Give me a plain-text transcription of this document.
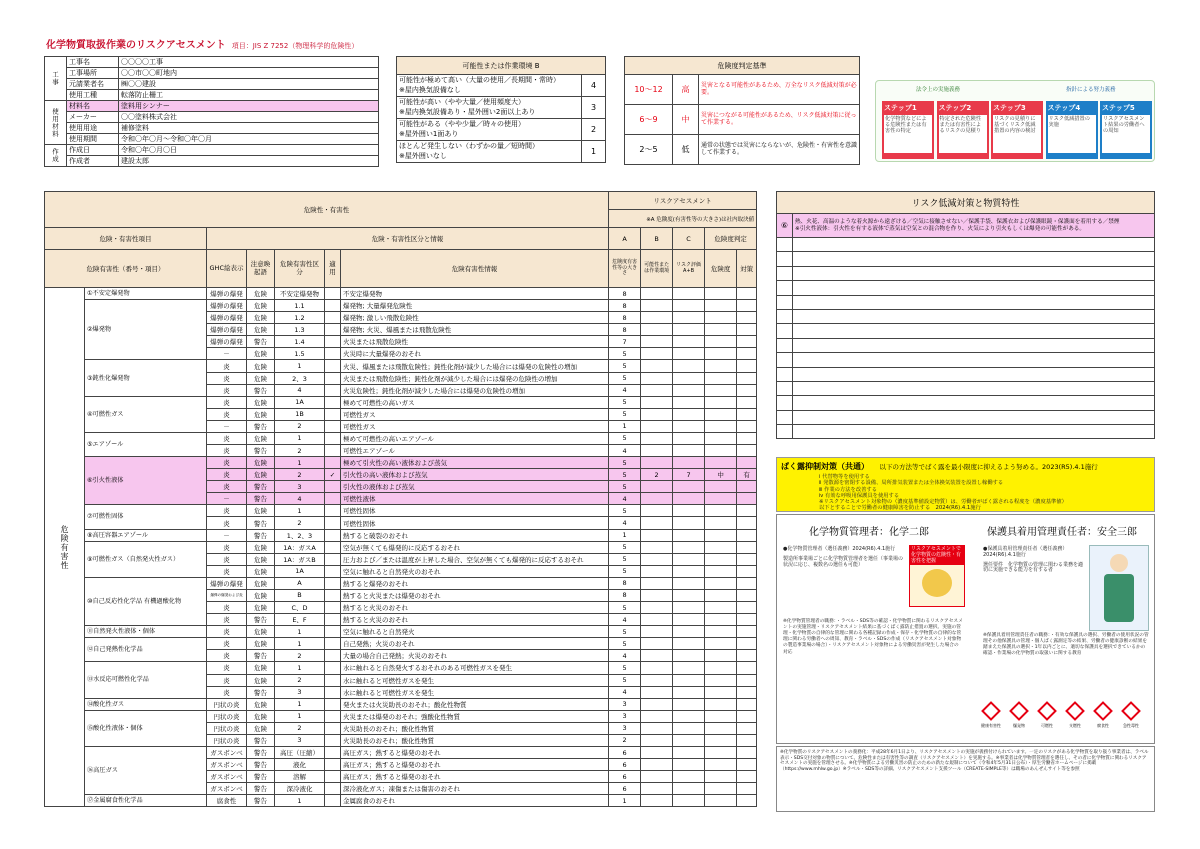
化学物質取扱作業のリスクアセスメント 項目：JIS Z 7252（物理科学的危険性）
工事	工事名	〇〇〇〇工事
	工事場所	〇〇市〇〇町地内
	元請業者名	㈱〇〇建設
	使用工種	転落防止柵工
使用材料	材料名	塗料用シンナー
	メーカー	〇〇塗料株式会社
	使用用途	補修塗料
	使用期間	令和〇年〇月～令和〇年〇月
作成	作成日	令和〇年〇月〇日
	作成者	建設太郎
可能性または作業環境 B	

可能性が極めて高い（大量の使用／長期間・常時）
※屋内換気設備なし	4

可能性が高い（やや大量／使用頻度大）
※屋内換気設備あり・屋外囲い2面以上あり	3

可能性がある（やや少量／時々の使用）
※屋外囲い1面あり	2

ほとんど発生しない（わずかの量／短時間）
※屋外囲いなし	1
危険度判定基準		
10～12	高	災害となる可能性があるため、万全なリスク低減対策が必要。
6～9	中	災害につながる可能性があるため、リスク低減対策に従って作業する。
2～5	低	通常の状態では災害にならないが、危険性・有害性を意識して作業する。
法令上の実施義務	指針による努力義務
ステップ1
化学物質などによる危険性または有害性の特定
ステップ2
特定された危険性または有害性によるリスクの見積り
ステップ3
リスクの見積りに基づくリスク低減措置の内容の検討
ステップ4
リスク低減措置の実施
ステップ5
リスクアセスメント結果の労働者への周知
危険性・有害性							リスクアセスメント				
							※A 危険度(有害性等の大きさ)は社内取決値				
危険・有害性項目		危険・有害性区分と情報					A	B	C	危険度判定	
危険有害性（番号・項目）		GHC絵表示	注意喚起語	危険有害性区分	適用	危険有害性情報	危険度有害性等の大きさ	可能性または作業環境	リスク評価A+B	危険度	対策
危険有害性	①不安定爆発物	爆弾の爆発	危険	不安定爆発物		不安定爆発物	8				
	②爆発物	爆弾の爆発	危険	1.1		爆発物; 大量爆発危険性	8				
		爆弾の爆発	危険	1.2		爆発物; 激しい飛散危険性	8				
		爆弾の爆発	危険	1.3		爆発物; 火災、爆風または飛散危険性	8				
		爆弾の爆発	警告	1.4		火災または飛散危険性	7				
		－	危険	1.5		火災時に大量爆発のおそれ	5				
	③鈍性化爆発物	炎	危険	1		火災、爆風または飛散危険性；鈍性化剤が減少した場合には爆発の危険性の増加	5				
		炎	危険	2、3		火災または飛散危険性；鈍性化剤が減少した場合には爆発の危険性の増加	5				
		炎	警告	4		火災危険性；鈍性化剤が減少した場合には爆発の危険性の増加	4				
	④可燃性ガス	炎	危険	1A		極めて可燃性の高いガス	5				
		炎	危険	1B		可燃性ガス	5				
		－	警告	2		可燃性ガス	1				
	⑤エアゾール	炎	危険	1		極めて可燃性の高いエアゾール	5				
		炎	警告	2		可燃性エアゾール	4				
	⑥引火性液体	炎	危険	1		極めて引火性の高い液体および蒸気	5				
		炎	危険	2	✓	引火性の高い液体および蒸気	5	2	7	中	有
		炎	警告	3		引火性の液体および蒸気	5				
		－	警告	4		可燃性液体	4				
	⑦可燃性固体	炎	危険	1		可燃性固体	5				
		炎	警告	2		可燃性固体	4				
	⑧高圧容器エアゾール	－	警告	1、2、3		熱すると破裂のおそれ	1				
	⑨可燃性ガス（自然発火性ガス）	炎	危険	1A：ガスA		空気が無くても爆発的に反応するおそれ	5				
		炎	危険	1A：ガスB		圧力および／または温度が上昇した場合、空気が無くても爆発的に反応するおそれ	5				
		炎	危険	1A		空気に触れると自然発火のおそれ	5				
	⑩自己反応性化学品 有機過酸化物	爆弾の爆発	危険	A		熱すると爆発のおそれ	8				
		爆弾の爆発および炎	危険	B		熱すると火災または爆発のおそれ	8				
		炎	危険	C、D		熱すると火災のおそれ	5				
		炎	警告	E、F		熱すると火災のおそれ	4				
	⑪自然発火性液体・個体	炎	危険	1		空気に触れると自然発火	5				
	⑫自己発熱性化学品	炎	危険	1		自己発熱；火災のおそれ	5				
		炎	警告	2		大量の場合自己発熱；火災のおそれ	4				
	⑬水反応可燃性化学品	炎	危険	1		水に触れると自然発火するおそれのある可燃性ガスを発生	5				
		炎	危険	2		水に触れると可燃性ガスを発生	5				
		炎	警告	3		水に触れると可燃性ガスを発生	4				
	⑭酸化性ガス	円状の炎	危険	1		発火または火災助長のおそれ；酸化性物質	3				
	⑮酸化性液体・個体	円状の炎	危険	1		火災または爆発のおそれ；強酸化性物質	3				
		円状の炎	危険	2		火災助長のおそれ；酸化性物質	3				
		円状の炎	警告	3		火災助長のおそれ；酸化性物質	2				
	⑯高圧ガス	ガスボンベ	警告	高圧（圧縮）		高圧ガス；熱すると爆発のおそれ	6				
		ガスボンベ	警告	液化		高圧ガス；熱すると爆発のおそれ	6				
		ガスボンベ	警告	溶解		高圧ガス；熱すると爆発のおそれ	6				
		ガスボンベ	警告	深冷液化		深冷液化ガス；凍傷または傷害のおそれ	6				
	⑰金属腐食性化学品	腐食性	警告	1		金属腐食のおそれ	1				
リスク低減対策と物質特性	
⑥	熱、火花、高温のような着火源から遠ざける／空気に接触させない／保護手袋、保護衣および保護眼鏡・保護面を着用する／禁煙
※引火性液体：引火性を有する液体で蒸気は空気との混合物を作り、火気により引火もしくは爆発の可能性がある。

ばく露抑制対策（共通） 以下の方法等でばく露を最小限度に抑えるよう努める。2023(R5).4.1施行
ⅰ 代替物等を使用する
ⅱ 発散源を密閉する設備、局所排気装置または全体換気装置を設置し稼働する
ⅲ 作業の方法を改善する
ⅳ 有効な呼吸用保護具を使用する
※リスクアセスメント対象物の（濃度基準値設定物質）は、労働者がばく露される程度を（濃度基準値）
以下とすることで労働者の健康障害を防止する　2024(R6).4.1施行
化学物質管理者：化学二郎	保護具着用管理責任者：安全三郎
●化学物質管理者（選任義務）2024(R6).4.1施行
製造所事業場ごとに化学物質管理者を選任（事業場の状況に応じ、複数名の選任も可能）
リスクアセスメントで化学物質の危険性・有害性を把握
●保護具着用管理責任者（選任義務）2024(R6).4.1施行
選任要件　化学物質の管理に関わる業務を適切に実施できる能力を有する者
※化学物質管理者の職務：・ラベル・SDS等の確認・化学物質に関わるリスクアセスメントの実施管理・リスクアセスメント結果に基づくばく露防止措置の選択、実施の管理・化学物質の自律的な管理に関わる各種記録の作成・保存・化学物質の自律的な管理に関わる労働者への周知、教育・ラベル・SDSの作成（リスクアセスメント対象物の製造事業場の場合）・リスクアセスメント対象物による労働災害が発生した場合の対応
※保護具着用管理責任者の職務：・有効な保護具の選択、労働者の使用状況の管理その他保護具の管理・個人ばく露測定等の結果、労働者の健康診断の結果を踏まえた保護具の選択・1年以内ごとに、適切な保護具を選択できているかの確認・作業場の化学物質の取扱いに関する教育
健康有害性	爆発物	可燃性	支燃性	腐食性	急性毒性
※化学物質のリスクアセスメントの義務化：平成28年6月1日より、リスクアセスメントの実施が義務付けられています。一定のリスクがある化学物質を取り扱う事業者は、ラベル表示・SDS交付対象の物質について、危険性または有害性等の調査（リスクアセスメント）を実施する。※事業者は化学物質管理者を選任し、その者に化学物質に関わるリスクアセスメントの実施を管理させる。※化学物質による労働災害の防止のための新たな規制について（令和4年5月31日公布）・厚生労働省ホームページに掲載（https://www.mhlw.go.jp）※ラベル・SDS等の詳細、リスクアセスメント支援ツール（CREATE-SIMPLE等）は職場のあんぜんサイト等を参照
